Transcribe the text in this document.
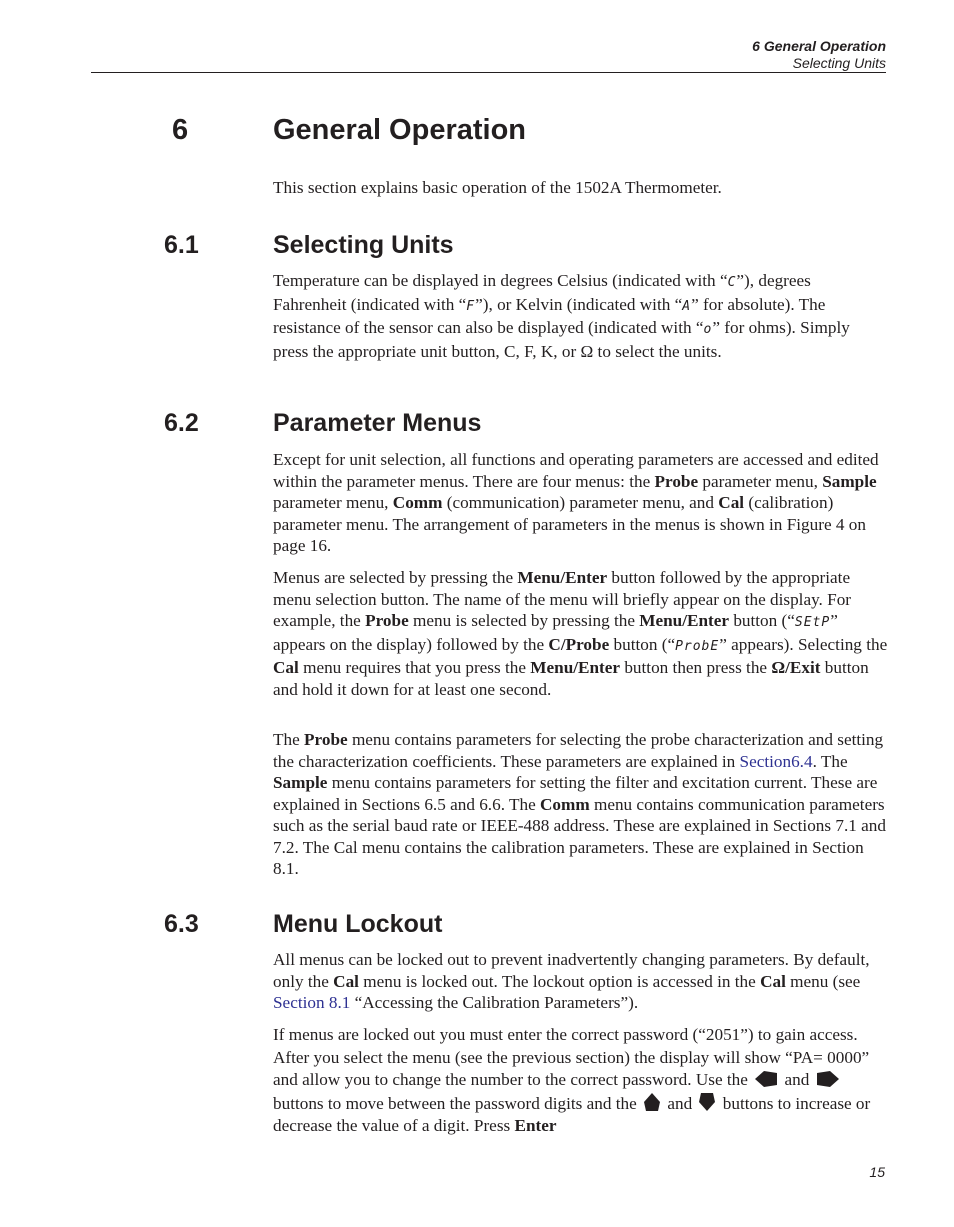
6 General Operation
Selecting Units
6	General Operation

This section explains basic operation of the 1502A Thermometer.

6.1	Selecting Units

Temperature can be displayed in degrees Celsius (indicated with “C”), degrees Fahrenheit (indicated with “F”), or Kelvin (indicated with “A” for absolute). The resistance of the sensor can also be displayed (indicated with “o” for ohms). Simply press the appropriate unit button, C, F, K, or Ω to select the units.

6.2	Parameter Menus

Except for unit selection, all functions and operating parameters are accessed and edited within the parameter menus. There are four menus: the Probe parameter menu, Sample parameter menu, Comm (communication) parameter menu, and Cal (calibration) parameter menu. The arrangement of parameters in the menus is shown in Figure 4 on page 16.

Menus are selected by pressing the Menu/Enter button followed by the appropriate menu selection button. The name of the menu will briefly appear on the display. For example, the Probe menu is selected by pressing the Menu/Enter button (“SEtP” appears on the display) followed by the C/Probe button (“ProbE” appears). Selecting the Cal menu requires that you press the Menu/Enter button then press the Ω/Exit button and hold it down for at least one second.

The Probe menu contains parameters for selecting the probe characterization and setting the characterization coefficients. These parameters are explained in Section6.4. The Sample menu contains parameters for setting the filter and excitation current. These are explained in Sections 6.5 and 6.6. The Comm menu contains communication parameters such as the serial baud rate or IEEE-488 address. These are explained in Sections 7.1 and 7.2. The Cal menu contains the calibration parameters. These are explained in Section 8.1.

6.3	Menu Lockout

All menus can be locked out to prevent inadvertently changing parameters. By default, only the Cal menu is locked out. The lockout option is accessed in the Cal menu (see Section 8.1 “Accessing the Calibration Parameters”).

If menus are locked out you must enter the correct password (“2051”) to gain access. After you select the menu (see the previous section) the display will show “PA= 0000” and allow you to change the number to the correct password. Use the  and  buttons to move between the password digits and the  and  buttons to increase or decrease the value of a digit. Press Enter

15
